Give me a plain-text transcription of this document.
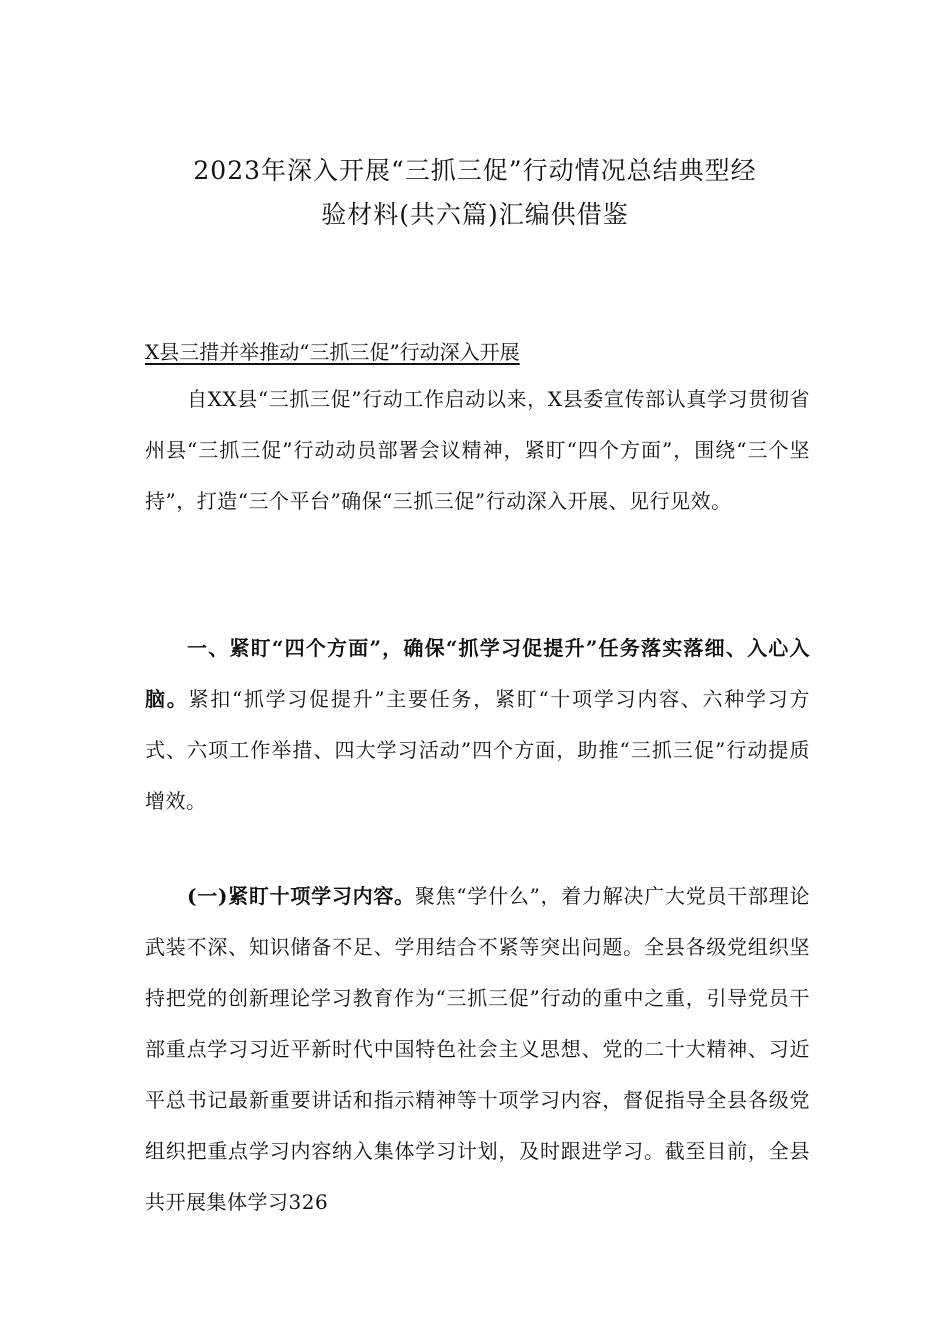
2023年深入开展“三抓三促”行动情况总结典型经
验材料(共六篇)汇编供借鉴
X县三措并举推动“三抓三促”行动深入开展

自XX县“三抓三促”行动工作启动以来，X县委宣传部认真学习贯彻省州县“三抓三促”行动动员部署会议精神，紧盯“四个方面”，围绕“三个坚持”，打造“三个平台”确保“三抓三促”行动深入开展、见行见效。

一、紧盯“四个方面”，确保“抓学习促提升”任务落实落细、入心入脑。紧扣“抓学习促提升”主要任务，紧盯“十项学习内容、六种学习方式、六项工作举措、四大学习活动”四个方面，助推“三抓三促”行动提质增效。

(一)紧盯十项学习内容。聚焦“学什么”，着力解决广大党员干部理论武装不深、知识储备不足、学用结合不紧等突出问题。全县各级党组织坚持把党的创新理论学习教育作为“三抓三促”行动的重中之重，引导党员干部重点学习习近平新时代中国特色社会主义思想、党的二十大精神、习近平总书记最新重要讲话和指示精神等十项学习内容，督促指导全县各级党组织把重点学习内容纳入集体学习计划，及时跟进学习。截至目前，全县共开展集体学习326
